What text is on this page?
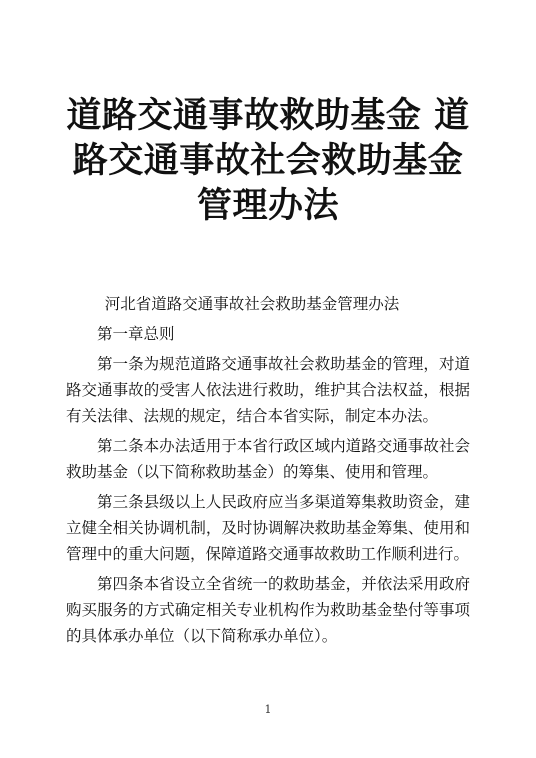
道路交通事故救助基金 道路交通事故社会救助基金管理办法

河北省道路交通事故社会救助基金管理办法

第一章总则

第一条为规范道路交通事故社会救助基金的管理，对道路交通事故的受害人依法进行救助，维护其合法权益，根据有关法律、法规的规定，结合本省实际，制定本办法。

第二条本办法适用于本省行政区域内道路交通事故社会救助基金（以下简称救助基金）的筹集、使用和管理。

第三条县级以上人民政府应当多渠道筹集救助资金，建立健全相关协调机制，及时协调解决救助基金筹集、使用和管理中的重大问题，保障道路交通事故救助工作顺利进行。

第四条本省设立全省统一的救助基金，并依法采用政府购买服务的方式确定相关专业机构作为救助基金垫付等事项的具体承办单位（以下简称承办单位）。

1
